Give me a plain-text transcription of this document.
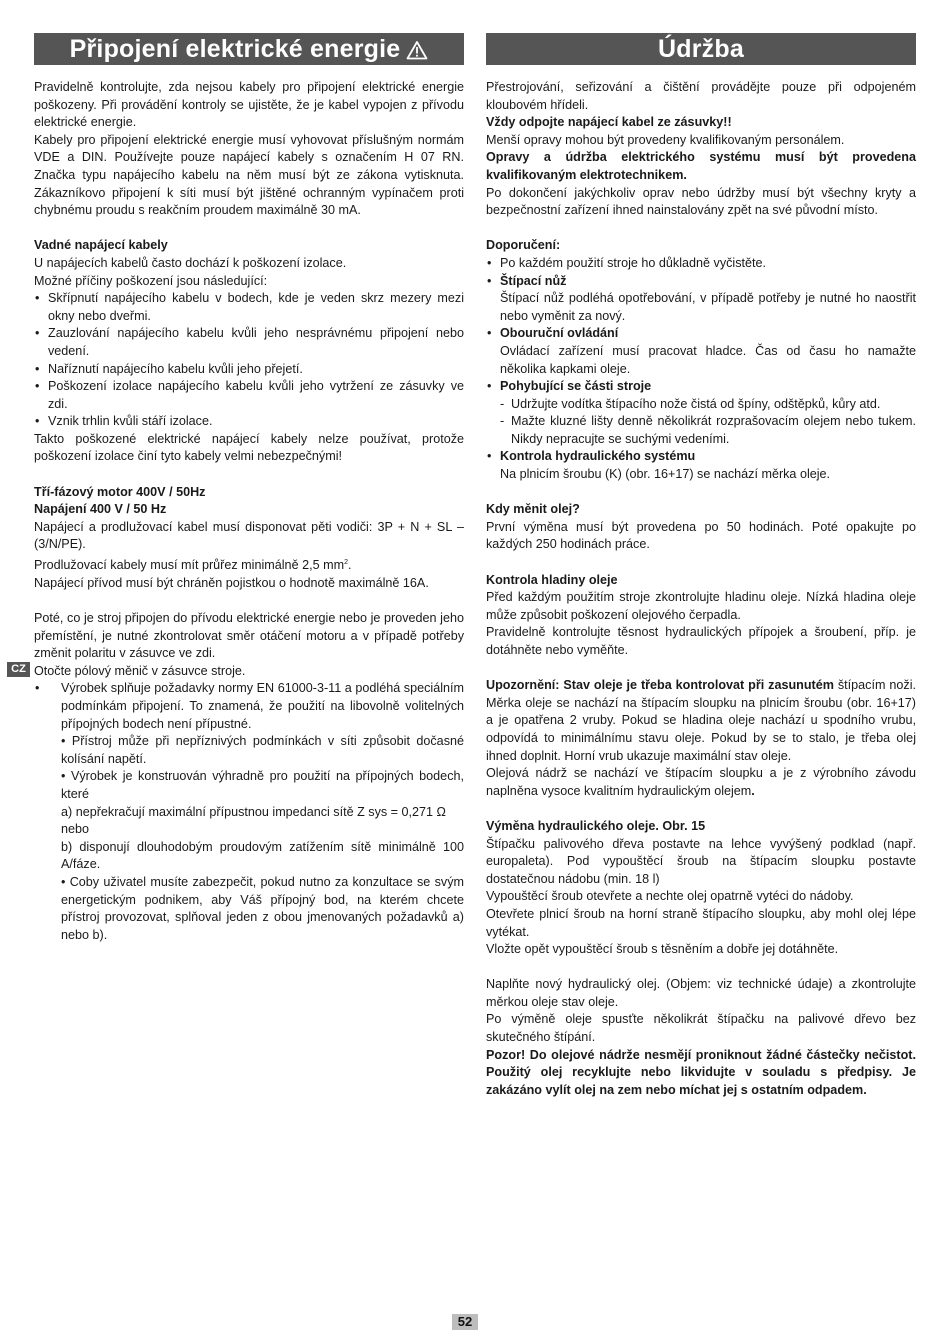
Připojení elektrické energie

Pravidelně kontrolujte, zda nejsou kabely pro připojení elektrické energie poškozeny. Při provádění kontroly se ujistěte, že je kabel vypojen z přívodu elektrické energie.

Kabely pro připojení elektrické energie musí vyhovovat příslušným normám VDE a DIN. Používejte pouze napájecí kabely s označením H 07 RN. Značka typu napájecího kabelu na něm musí být ze zákona vytisknuta. Zákazníkovo připojení k síti musí být jištěné ochranným vypínačem proti chybnému proudu s reakčním proudem maximálně 30 mA.

Vadné napájecí kabely

U napájecích kabelů často dochází k poškození izolace.

Možné příčiny poškození jsou následující:

• Skřípnutí napájecího kabelu v bodech, kde je veden skrz mezery mezi okny nebo dveřmi.
• Zauzlování napájecího kabelu kvůli jeho nesprávnému připojení nebo vedení.
• Naříznutí napájecího kabelu kvůli jeho přejetí.
• Poškození izolace napájecího kabelu kvůli jeho vytržení ze zásuvky ve zdi.
• Vznik trhlin kvůli stáří izolace.

Takto poškozené elektrické napájecí kabely nelze používat, protože poškození izolace činí tyto kabely velmi nebezpečnými!

Tří-fázový motor 400V / 50Hz

Napájení 400 V / 50 Hz

Napájecí a prodlužovací kabel musí disponovat pěti vodiči: 3P + N + SL – (3/N/PE).

Prodlužovací kabely musí mít průřez minimálně 2,5 $mm^2$.

Napájecí přívod musí být chráněn pojistkou o hodnotě maximálně 16A.

Poté, co je stroj připojen do přívodu elektrické energie nebo je proveden jeho přemístění, je nutné zkontrolovat směr otáčení motoru a v případě potřeby změnit polaritu v zásuvce ve zdi.

Otočte pólový měnič v zásuvce stroje.

• Výrobek splňuje požadavky normy EN 61000-3-11 a podléhá speciálním podmínkám připojení. To znamená, že použití na libovolně volitelných přípojných bodech není přípustné.
• Přístroj může při nepříznivých podmínkách v síti způsobit dočasné kolísání napětí.
• Výrobek je konstruován výhradně pro použití na přípojných bodech, které
a) nepřekračují maximální přípustnou impedanci sítě Z sys = 0,271 Ω nebo
b) disponují dlouhodobým proudovým zatížením sítě minimálně 100 A/fáze.
• Coby uživatel musíte zabezpečit, pokud nutno za konzultace se svým energetickým podnikem, aby Váš přípojný bod, na kterém chcete přístroj provozovat, splňoval jeden z obou jmenovaných požadavků a) nebo b).
Údržba

Přestrojování, seřizování a čištění provádějte pouze při odpojeném kloubovém hřídeli.

Vždy odpojte napájecí kabel ze zásuvky!!

Menší opravy mohou být provedeny kvalifikovaným personálem.

Opravy a údržba elektrického systému musí být provedena kvalifikovaným elektrotechnikem.

Po dokončení jakýchkoliv oprav nebo údržby musí být všechny kryty a bezpečnostní zařízení ihned nainstalovány zpět na své původní místo.

Doporučení:

• Po každém použití stroje ho důkladně vyčistěte.
• Štípací nůž
Štípací nůž podléhá opotřebování, v případě potřeby je nutné ho naostřit nebo vyměnit za nový.
• Obouruční ovládání
Ovládací zařízení musí pracovat hladce. Čas od času ho namažte několika kapkami oleje.
• Pohybující se části stroje
- Udržujte vodítka štípacího nože čistá od špíny, odštěpků, kůry atd.
- Mažte kluzné lišty denně několikrát rozprašovacím olejem nebo tukem. Nikdy nepracujte se suchými vedeními.
• Kontrola hydraulického systému
Na plnicím šroubu (K) (obr. 16+17) se nachází měrka oleje.

Kdy měnit olej?

První výměna musí být provedena po 50 hodinách. Poté opakujte po každých 250 hodinách práce.

Kontrola hladiny oleje

Před každým použitím stroje zkontrolujte hladinu oleje. Nízká hladina oleje může způsobit poškození olejového čerpadla.

Pravidelně kontrolujte těsnost hydraulických přípojek a šroubení, příp. je dotáhněte nebo vyměňte.

Upozornění: Stav oleje je třeba kontrolovat při zasunutém štípacím noži. Měrka oleje se nachází na štípacím sloupku na plnicím šroubu (obr. 16+17) a je opatřena 2 vruby. Pokud se hladina oleje nachází u spodního vrubu, odpovídá to minimálnímu stavu oleje. Pokud by se to stalo, je třeba olej ihned doplnit. Horní vrub ukazuje maximální stav oleje.

Olejová nádrž se nachází ve štípacím sloupku a je z výrobního závodu naplněna vysoce kvalitním hydraulickým olejem.

Výměna hydraulického oleje. Obr. 15

Štípačku palivového dřeva postavte na lehce vyvýšený podklad (např. europaleta). Pod vypouštěcí šroub na štípacím sloupku postavte dostatečnou nádobu (min. 18 l)

Vypouštěcí šroub otevřete a nechte olej opatrně vytéci do nádoby.

Otevřete plnicí šroub na horní straně štípacího sloupku, aby mohl olej lépe vytékat.

Vložte opět vypouštěcí šroub s těsněním a dobře jej dotáhněte.

Naplňte nový hydraulický olej. (Objem: viz technické údaje) a zkontrolujte měrkou oleje stav oleje.

Po výměně oleje spusťte několikrát štípačku na palivové dřevo bez skutečného štípání.

Pozor! Do olejové nádrže nesmějí proniknout žádné částečky nečistot. Použitý olej recyklujte nebo likvidujte v souladu s předpisy. Je zakázáno vylít olej na zem nebo míchat jej s ostatním odpadem.

CZ
52
